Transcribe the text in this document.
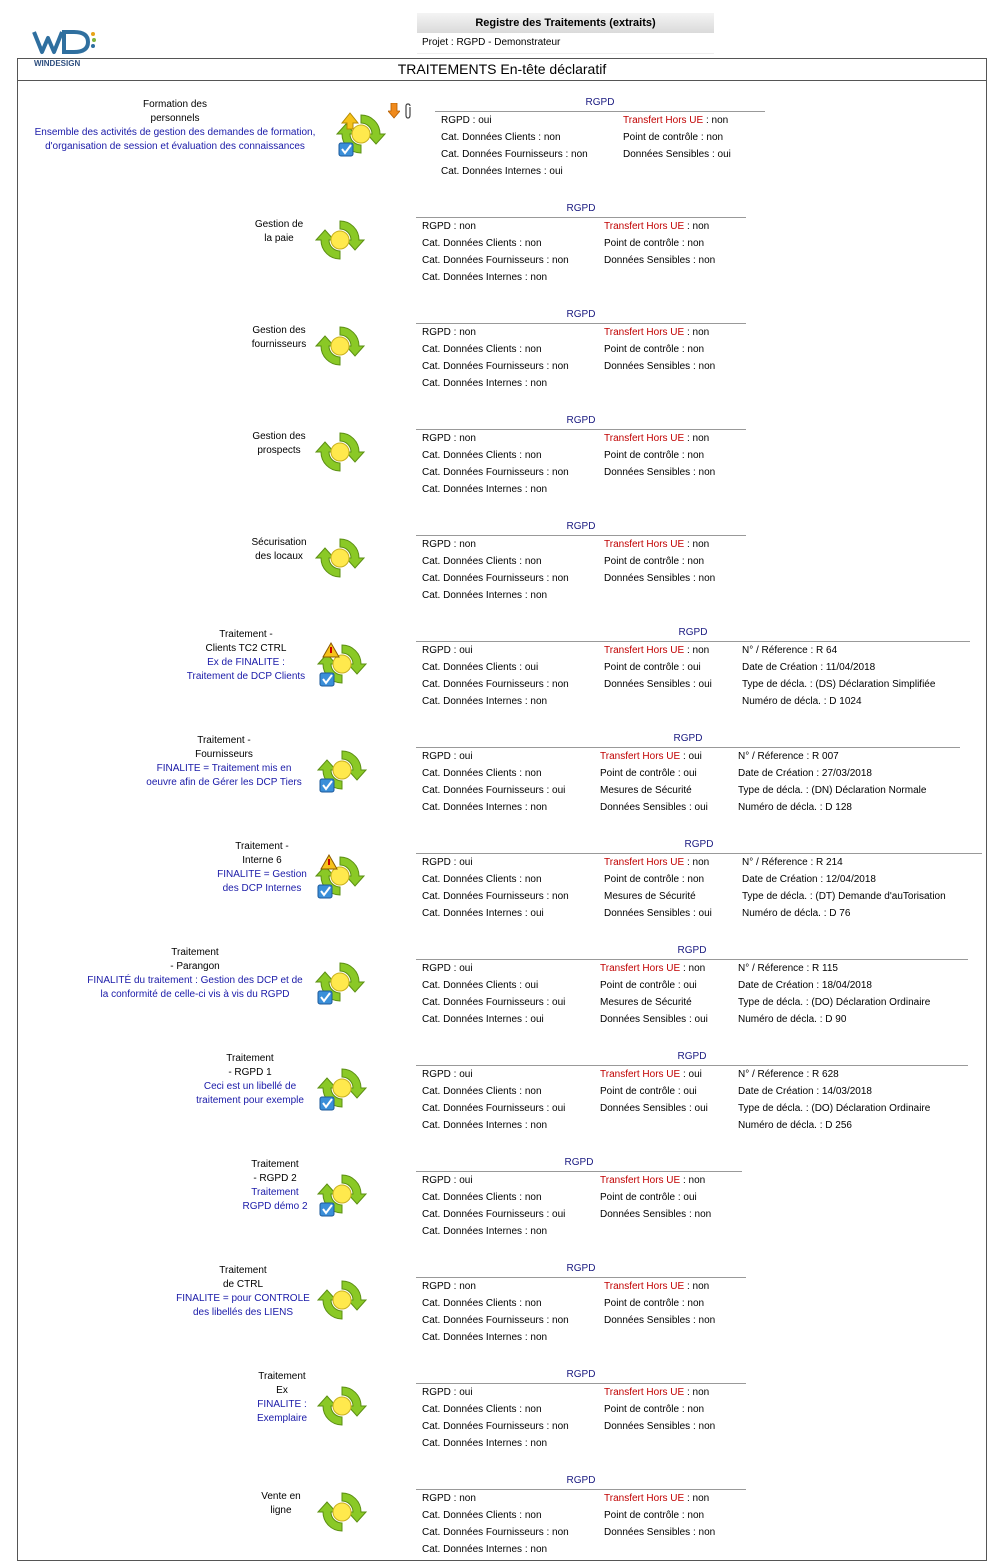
WINDESIGN
Registre des Traitements (extraits)
Projet : RGPD - Demonstrateur
TRAITEMENTS En-tête déclaratif
Formation des
personnels
Ensemble des activités de gestion des demandes de formation,
d'organisation de session et évaluation des connaissances
RGPD
RGPD : oui
Cat. Données Clients : non
Cat. Données Fournisseurs : non
Cat. Données Internes : oui
Transfert Hors UE : non
Point de contrôle : non
Données Sensibles : oui
Gestion de
la paie
RGPD
RGPD : non
Cat. Données Clients : non
Cat. Données Fournisseurs : non
Cat. Données Internes : non
Transfert Hors UE : non
Point de contrôle : non
Données Sensibles : non
Gestion des
fournisseurs
RGPD
RGPD : non
Cat. Données Clients : non
Cat. Données Fournisseurs : non
Cat. Données Internes : non
Transfert Hors UE : non
Point de contrôle : non
Données Sensibles : non
Gestion des
prospects
RGPD
RGPD : non
Cat. Données Clients : non
Cat. Données Fournisseurs : non
Cat. Données Internes : non
Transfert Hors UE : non
Point de contrôle : non
Données Sensibles : non
Sécurisation
des locaux
RGPD
RGPD : non
Cat. Données Clients : non
Cat. Données Fournisseurs : non
Cat. Données Internes : non
Transfert Hors UE : non
Point de contrôle : non
Données Sensibles : non
Traitement -
Clients TC2 CTRL
Ex de FINALITE :
Traitement de DCP Clients
RGPD
RGPD : oui
Cat. Données Clients : oui
Cat. Données Fournisseurs : non
Cat. Données Internes : non
Transfert Hors UE : non
Point de contrôle : oui
Données Sensibles : oui
N° / Réference : R 64
Date de Création : 11/04/2018
Type de décla. : (DS) Déclaration Simplifiée
Numéro de décla. : D 1024
Traitement -
Fournisseurs
FINALITE = Traitement mis en
oeuvre afin de Gérer les DCP Tiers
RGPD
RGPD : oui
Cat. Données Clients : non
Cat. Données Fournisseurs : oui
Cat. Données Internes : non
Transfert Hors UE : oui
Point de contrôle : oui
Mesures de Sécurité
Données Sensibles : oui
N° / Réference : R 007
Date de Création : 27/03/2018
Type de décla. : (DN) Déclaration Normale
Numéro de décla. : D 128
Traitement -
Interne 6
FINALITE = Gestion
des DCP Internes
RGPD
RGPD : oui
Cat. Données Clients : non
Cat. Données Fournisseurs : non
Cat. Données Internes : oui
Transfert Hors UE : non
Point de contrôle : non
Mesures de Sécurité
Données Sensibles : oui
N° / Réference : R 214
Date de Création : 12/04/2018
Type de décla. : (DT) Demande d'auTorisation
Numéro de décla. : D 76
Traitement
- Parangon
FINALITÉ du traitement : Gestion des DCP et de
la conformité de celle-ci vis à vis du RGPD
RGPD
RGPD : oui
Cat. Données Clients : oui
Cat. Données Fournisseurs : oui
Cat. Données Internes : oui
Transfert Hors UE : non
Point de contrôle : oui
Mesures de Sécurité
Données Sensibles : oui
N° / Réference : R 115
Date de Création : 18/04/2018
Type de décla. : (DO) Déclaration Ordinaire
Numéro de décla. : D 90
Traitement
- RGPD 1
Ceci est un libellé de
traitement pour exemple
RGPD
RGPD : oui
Cat. Données Clients : non
Cat. Données Fournisseurs : oui
Cat. Données Internes : non
Transfert Hors UE : oui
Point de contrôle : oui
Données Sensibles : oui
N° / Réference : R 628
Date de Création : 14/03/2018
Type de décla. : (DO) Déclaration Ordinaire
Numéro de décla. : D 256
Traitement
- RGPD 2
Traitement
RGPD démo 2
RGPD
RGPD : oui
Cat. Données Clients : non
Cat. Données Fournisseurs : oui
Cat. Données Internes : non
Transfert Hors UE : non
Point de contrôle : oui
Données Sensibles : non
Traitement
de CTRL
FINALITE = pour CONTROLE
des libellés des LIENS
RGPD
RGPD : non
Cat. Données Clients : non
Cat. Données Fournisseurs : non
Cat. Données Internes : non
Transfert Hors UE : non
Point de contrôle : non
Données Sensibles : non
Traitement
Ex
FINALITE :
Exemplaire
RGPD
RGPD : oui
Cat. Données Clients : non
Cat. Données Fournisseurs : non
Cat. Données Internes : non
Transfert Hors UE : non
Point de contrôle : non
Données Sensibles : non
Vente en
ligne
RGPD
RGPD : non
Cat. Données Clients : non
Cat. Données Fournisseurs : non
Cat. Données Internes : non
Transfert Hors UE : non
Point de contrôle : non
Données Sensibles : non
